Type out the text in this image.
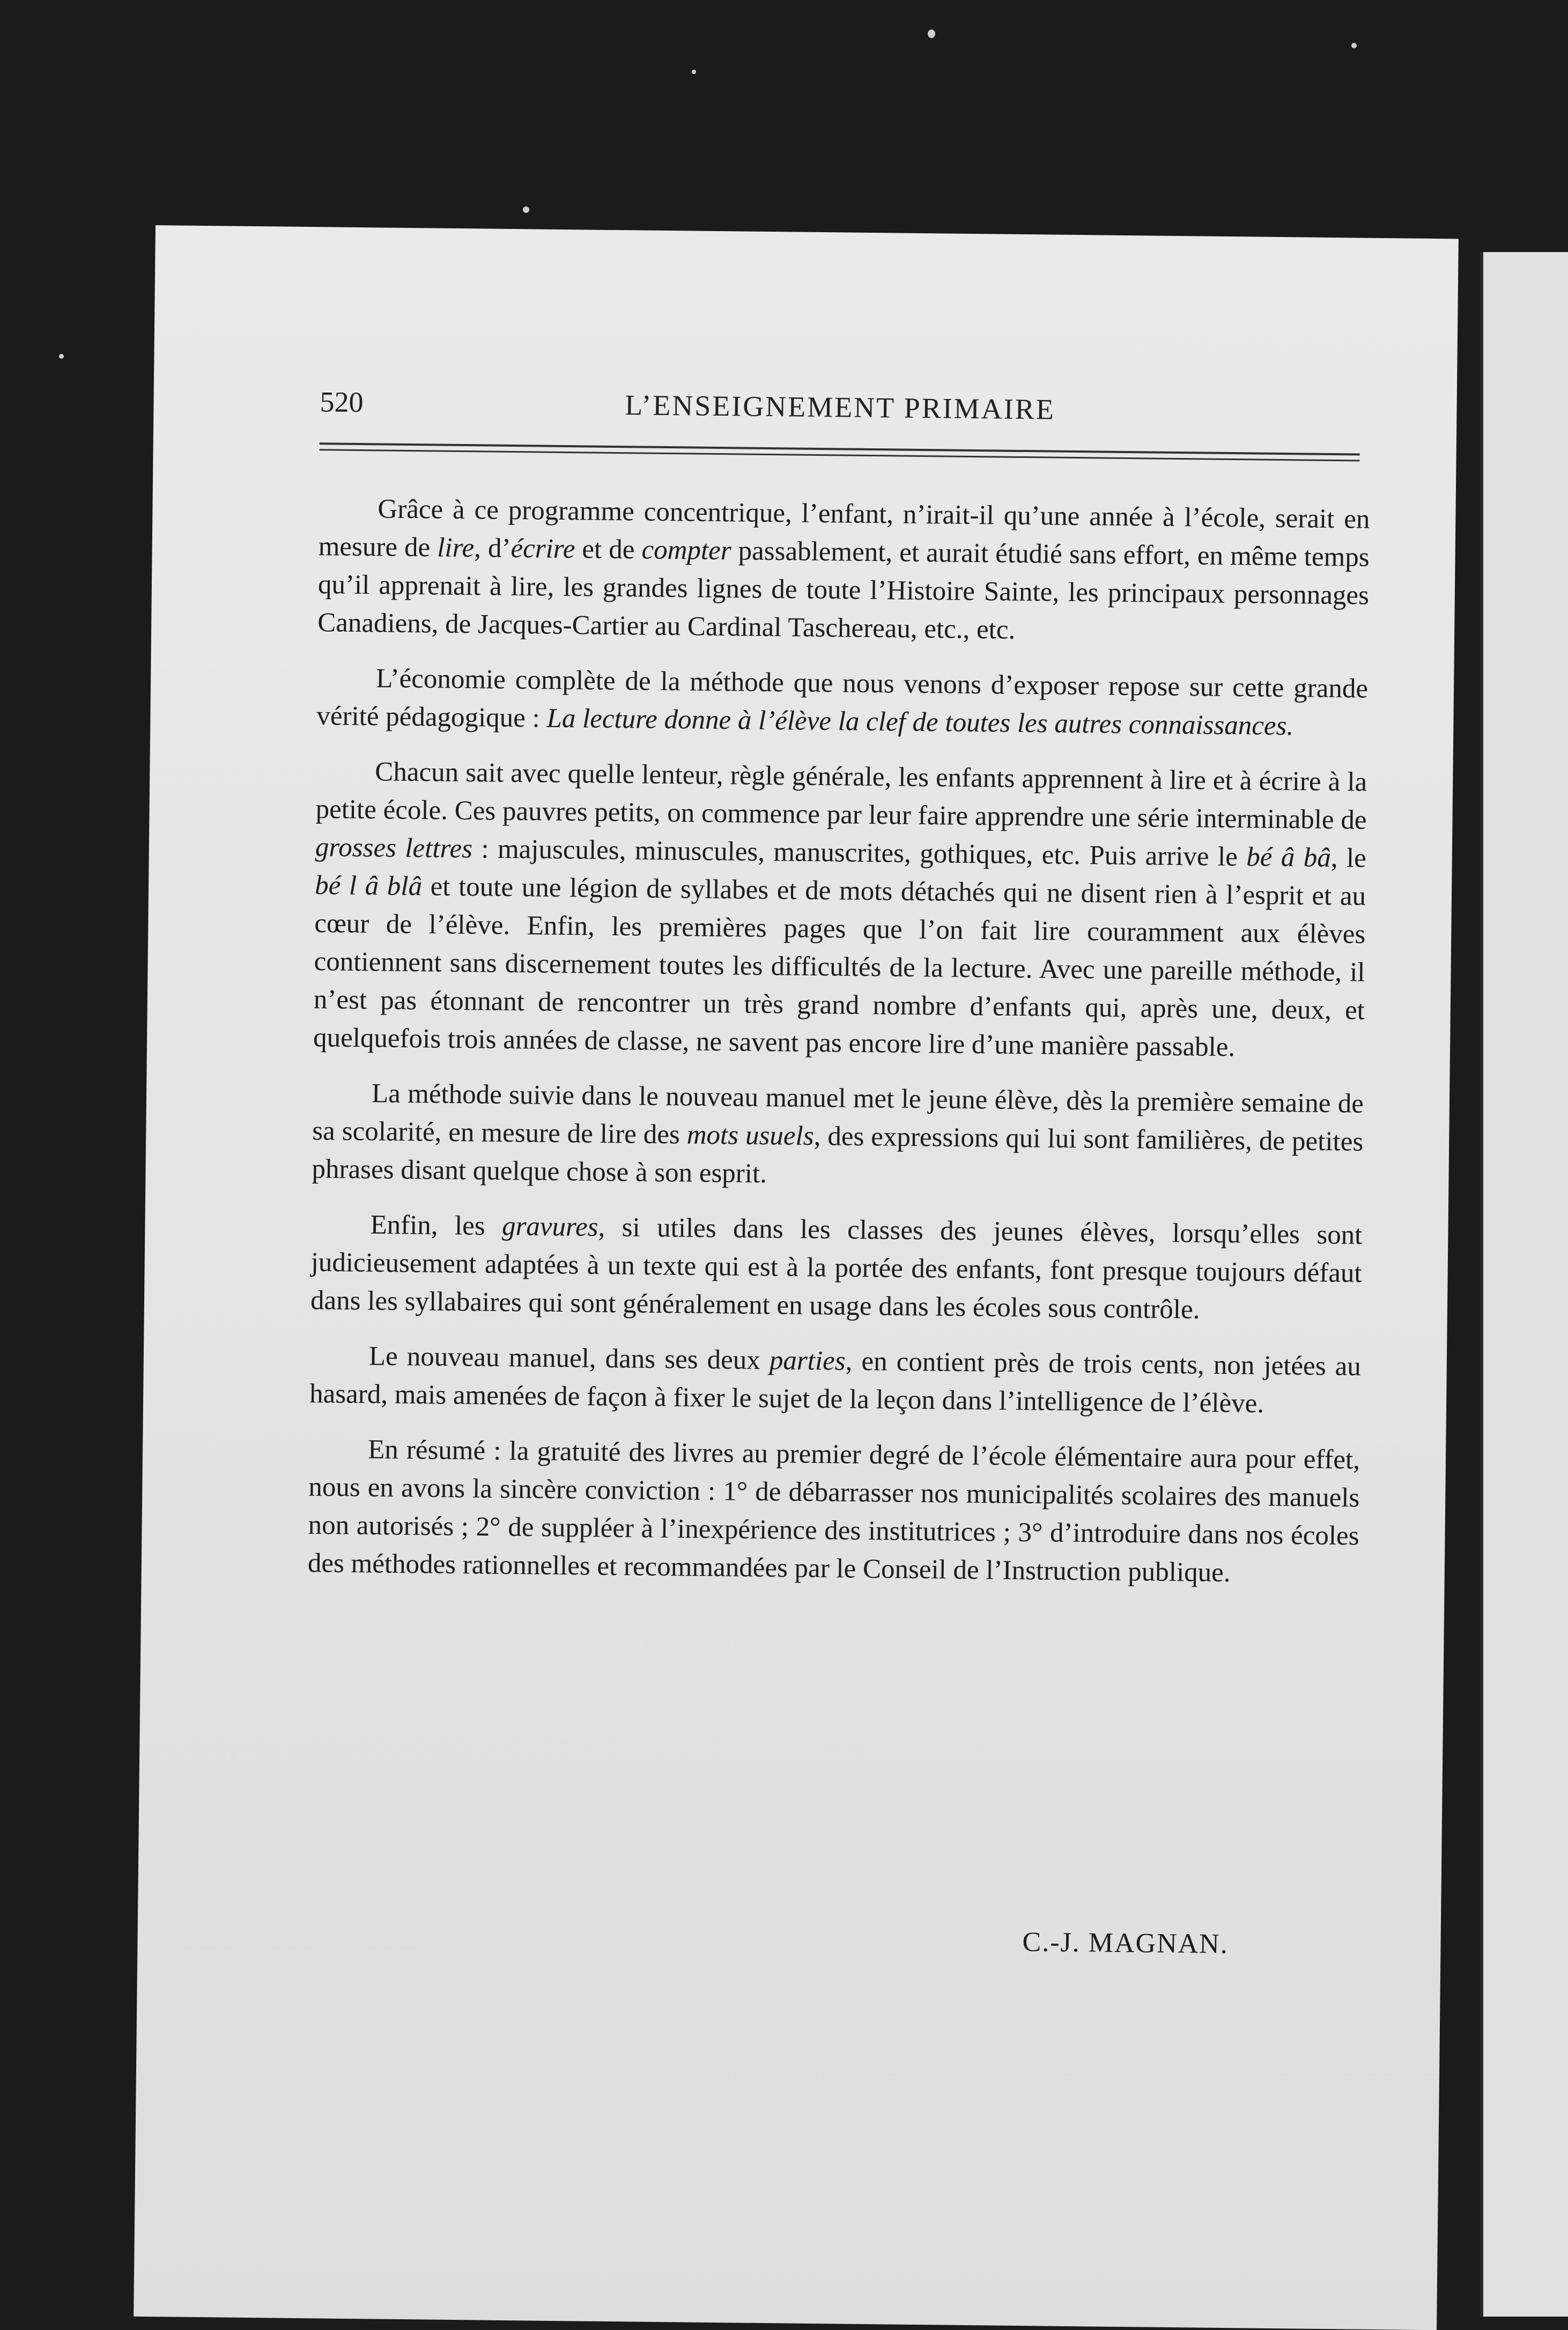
520	L’ENSEIGNEMENT PRIMAIRE

Grâce à ce programme concentrique, l’enfant, n’irait-il qu’une année à l’école, serait en mesure de lire, d’écrire et de compter passablement, et aurait étudié sans effort, en même temps qu’il apprenait à lire, les grandes lignes de toute l’Histoire Sainte, les principaux personnages Canadiens, de Jacques-Cartier au Cardinal Taschereau, etc., etc.

L’économie complète de la méthode que nous venons d’exposer repose sur cette grande vérité pédagogique : La lecture donne à l’élève la clef de toutes les autres connaissances.

Chacun sait avec quelle lenteur, règle générale, les enfants apprennent à lire et à écrire à la petite école. Ces pauvres petits, on commence par leur faire apprendre une série interminable de grosses lettres : majuscules, minuscules, manuscrites, gothiques, etc. Puis arrive le bé â bâ, le bé l â blâ et toute une légion de syllabes et de mots détachés qui ne disent rien à l’esprit et au cœur de l’élève. Enfin, les premières pages que l’on fait lire couramment aux élèves contiennent sans discernement toutes les difficultés de la lecture. Avec une pareille méthode, il n’est pas étonnant de rencontrer un très grand nombre d’enfants qui, après une, deux, et quelquefois trois années de classe, ne savent pas encore lire d’une manière passable.

La méthode suivie dans le nouveau manuel met le jeune élève, dès la première semaine de sa scolarité, en mesure de lire des mots usuels, des expressions qui lui sont familières, de petites phrases disant quelque chose à son esprit.

Enfin, les gravures, si utiles dans les classes des jeunes élèves, lorsqu’elles sont judicieusement adaptées à un texte qui est à la portée des enfants, font presque toujours défaut dans les syllabaires qui sont généralement en usage dans les écoles sous contrôle.

Le nouveau manuel, dans ses deux parties, en contient près de trois cents, non jetées au hasard, mais amenées de façon à fixer le sujet de la leçon dans l’intelligence de l’élève.

En résumé : la gratuité des livres au premier degré de l’école élémentaire aura pour effet, nous en avons la sincère conviction : 1° de débarrasser nos municipalités scolaires des manuels non autorisés ; 2° de suppléer à l’inexpérience des institutrices ; 3° d’introduire dans nos écoles des méthodes rationnelles et recommandées par le Conseil de l’Instruction publique.

C.-J. MAGNAN.
